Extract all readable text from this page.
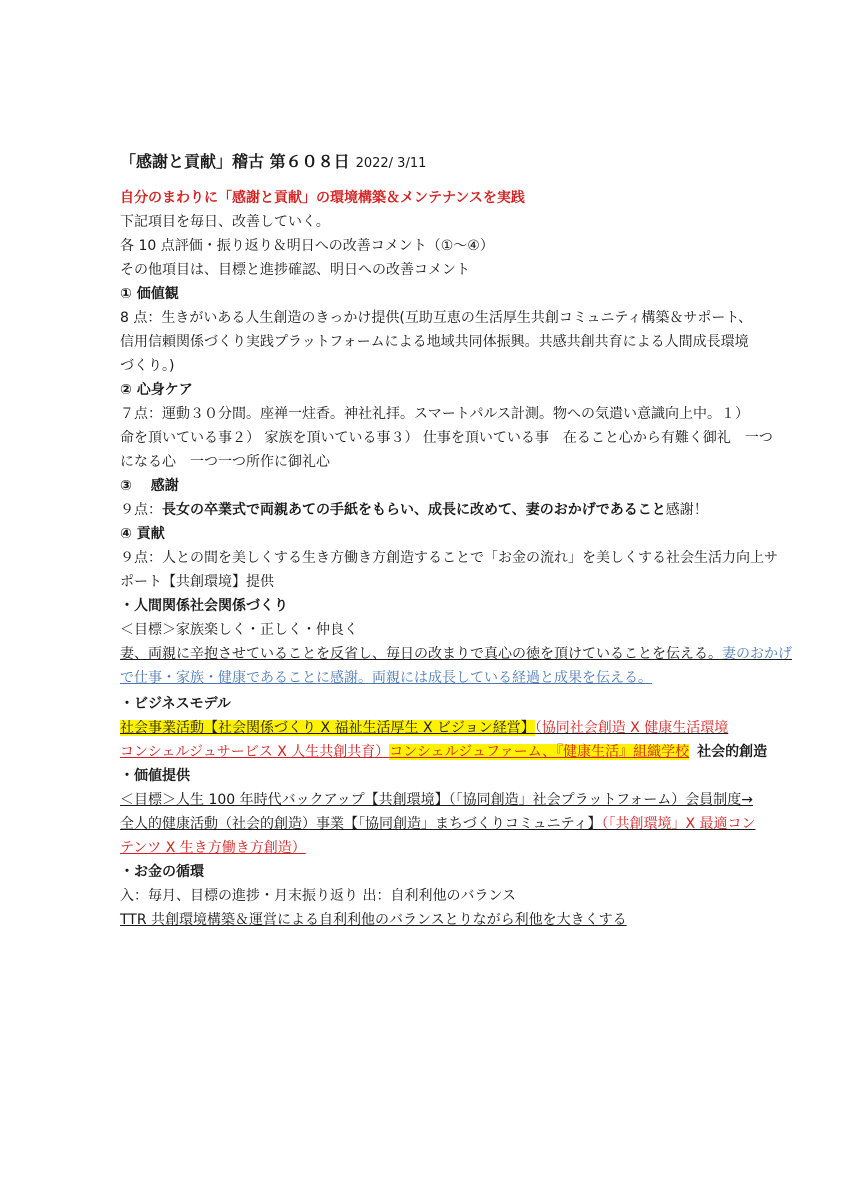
「感謝と貢献」稽古 第６０８日 2022/ 3/11
自分のまわりに「感謝と貢献」の環境構築＆メンテナンスを実践
下記項目を毎日、改善していく。
各 10 点評価・振り返り＆明日への改善コメント（①～④）
その他項目は、目標と進捗確認、明日への改善コメント
① 価値観
8 点：生きがいある人生創造のきっかけ提供(互助互恵の生活厚生共創コミュニティ構築＆サポート、
信用信頼関係づくり実践プラットフォームによる地域共同体振興。共感共創共育による人間成長環境
づくり。)
② 心身ケア
７点：運動３０分間。座禅一炷香。神社礼拝。スマートパルス計測。物への気遣い意識向上中。１）
命を頂いている事２） 家族を頂いている事３） 仕事を頂いている事　在ること心から有難く御礼　一つ
になる心　一つ一つ所作に御礼心
③　 感謝
９点：長女の卒業式で両親あての手紙をもらい、成長に改めて、妻のおかげであること感謝！
④ 貢献
９点：人との間を美しくする生き方働き方創造することで「お金の流れ」を美しくする社会生活力向上サ
ポート【共創環境】提供
・人間関係社会関係づくり
＜目標＞家族楽しく・正しく・仲良く
妻、両親に辛抱させていることを反省し、毎日の改まりで真心の徳を頂けていることを伝える。妻のおかげ
で仕事・家族・健康であることに感謝。両親には成長している経過と成果を伝える。
・ビジネスモデル
社会事業活動【社会関係づくり X 福祉生活厚生 X ビジョン経営】（協同社会創造 X 健康生活環境
コンシェルジュサービス X 人生共創共育）コンシェルジュファーム、『健康生活』組織学校 社会的創造
・価値提供
＜目標＞人生 100 年時代バックアップ【共創環境】（「協同創造」社会プラットフォーム）会員制度→
全人的健康活動（社会的創造）事業【「協同創造」まちづくりコミュニティ】（「共創環境」X 最適コン
テンツ X 生き方働き方創造）
・お金の循環
入：毎月、目標の進捗・月末振り返り 出：自利利他のバランス
TTR 共創環境構築＆運営による自利利他のバランスとりながら利他を大きくする
